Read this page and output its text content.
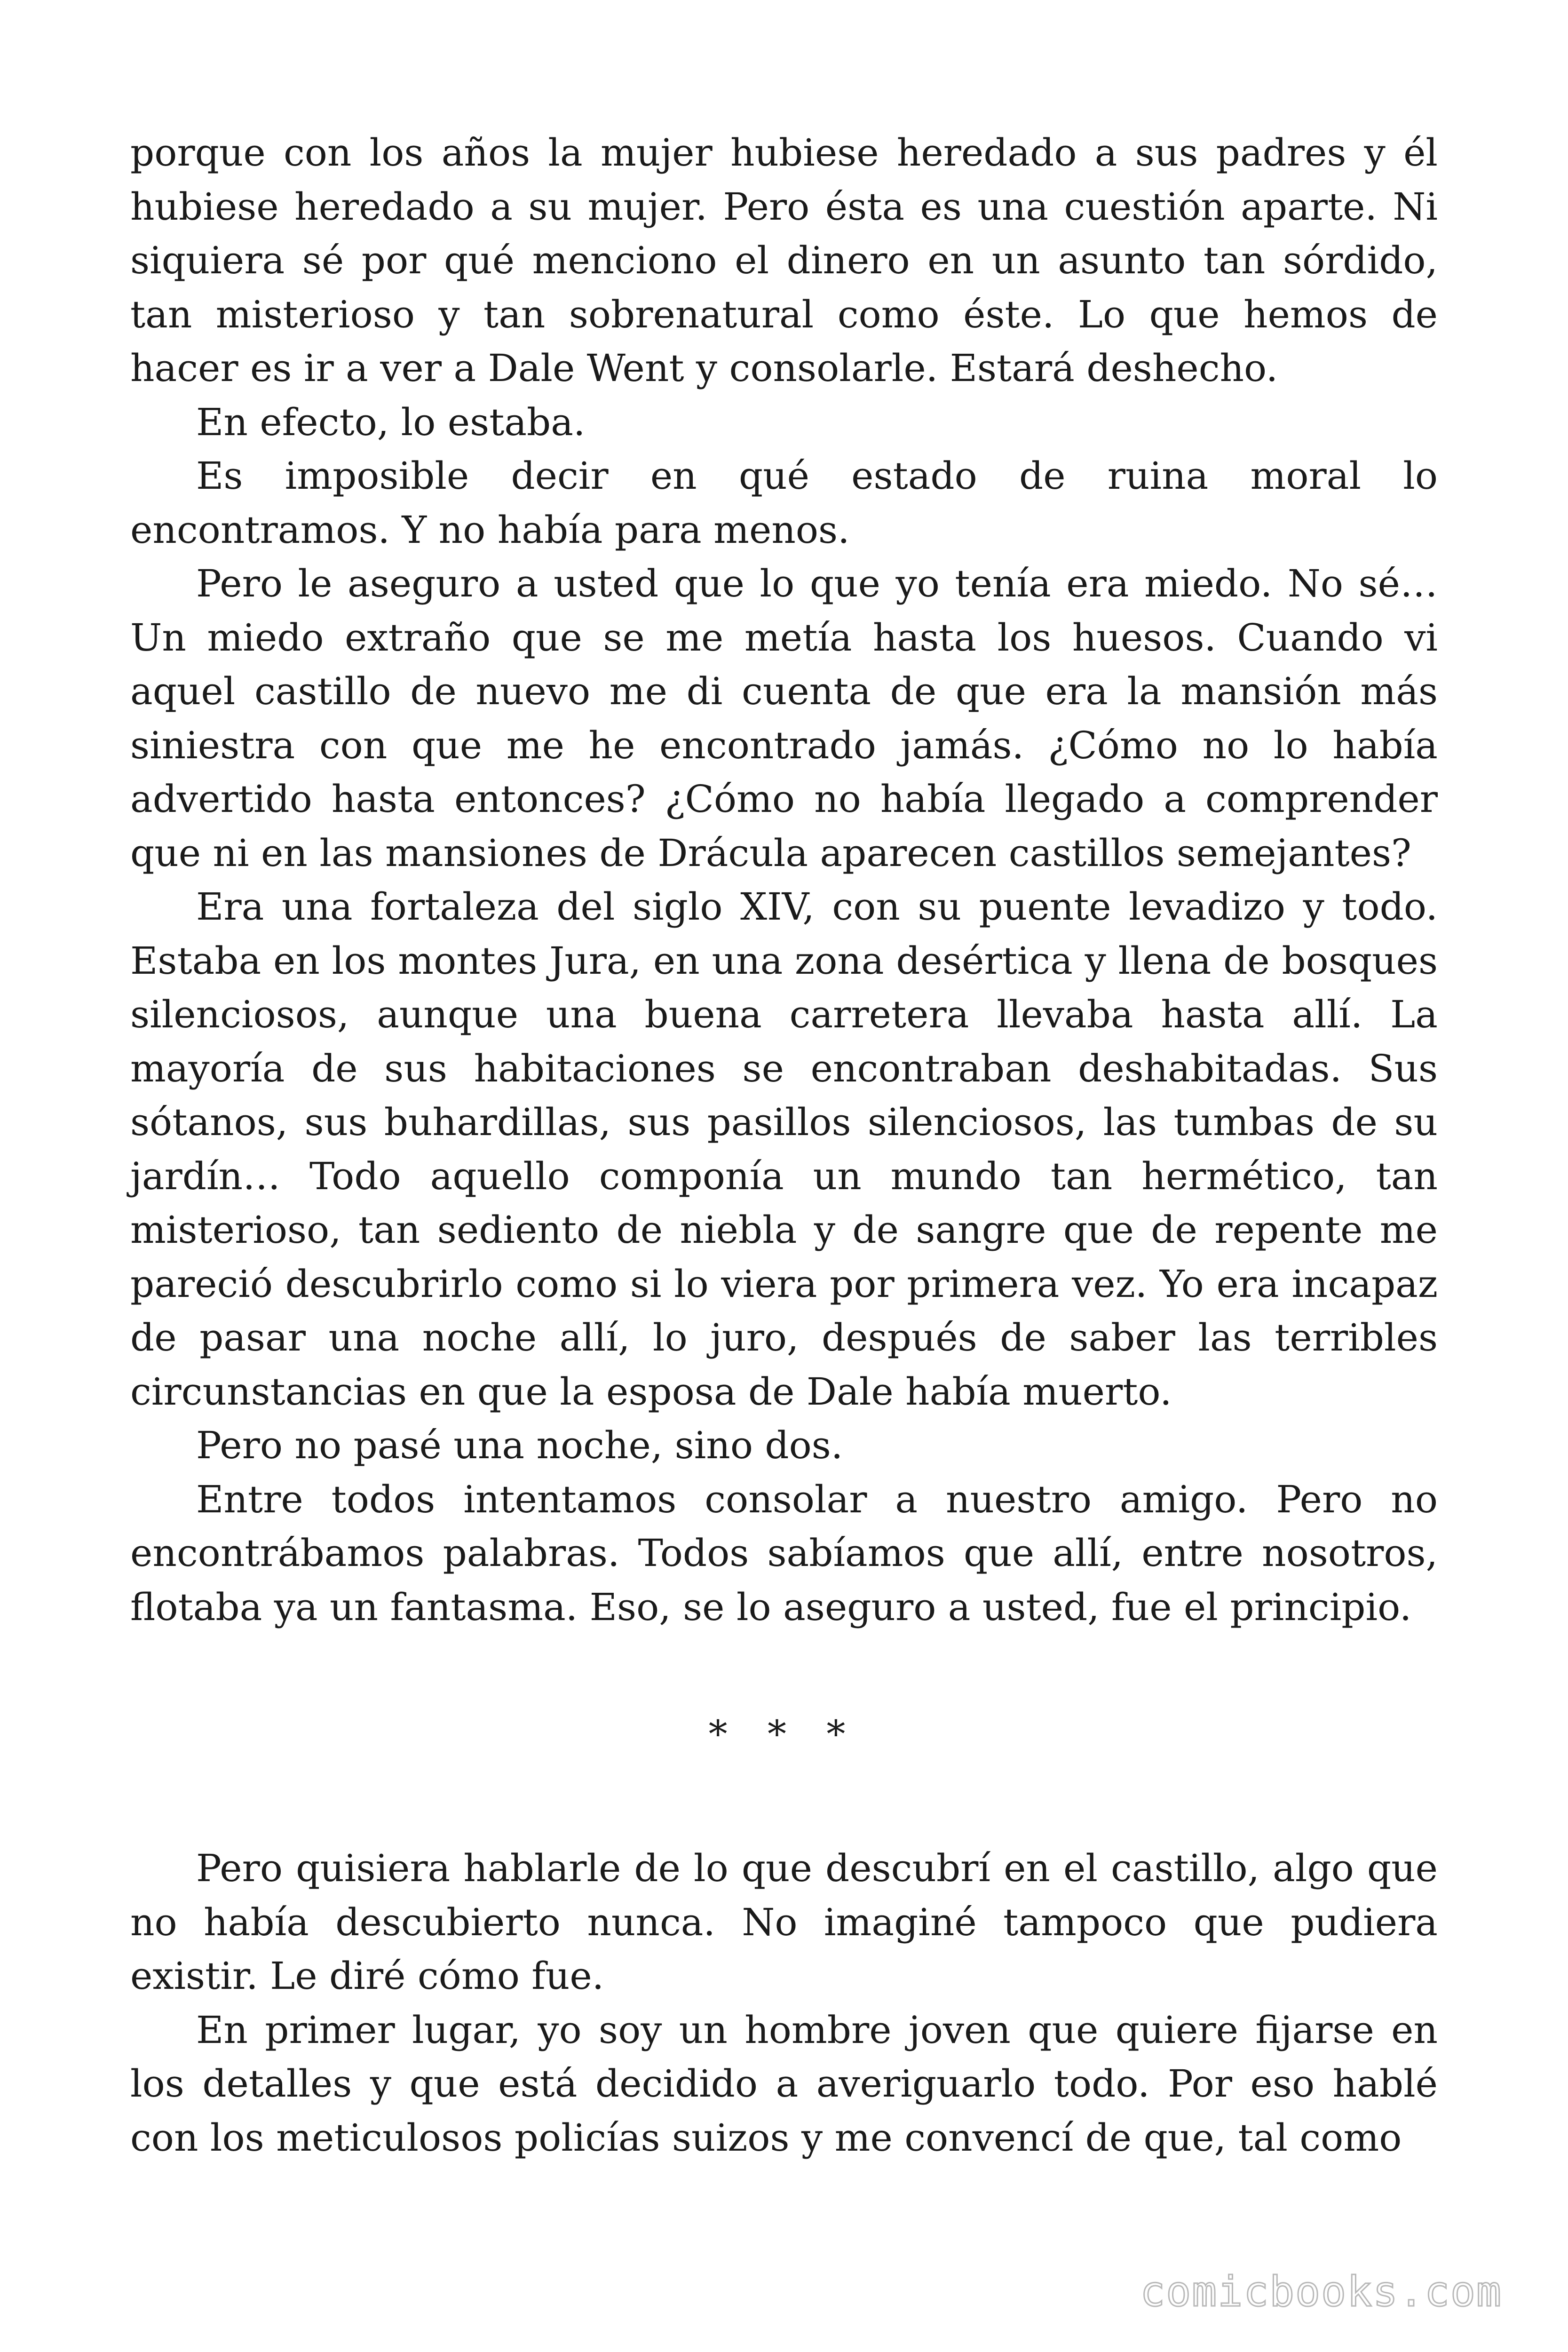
porque con los años la mujer hubiese heredado a sus padres y él hubiese heredado a su mujer. Pero ésta es una cuestión aparte. Ni siquiera sé por qué menciono el dinero en un asunto tan sórdido, tan misterioso y tan sobrenatural como éste. Lo que hemos de hacer es ir a ver a Dale Went y consolarle. Estará deshecho.

En efecto, lo estaba.

Es imposible decir en qué estado de ruina moral lo encontramos. Y no había para menos.

Pero le aseguro a usted que lo que yo tenía era miedo. No sé… Un miedo extraño que se me metía hasta los huesos. Cuando vi aquel castillo de nuevo me di cuenta de que era la mansión más siniestra con que me he encontrado jamás. ¿Cómo no lo había advertido hasta entonces? ¿Cómo no había llegado a comprender que ni en las mansiones de Drácula aparecen castillos semejantes?

Era una fortaleza del siglo XIV, con su puente levadizo y todo. Estaba en los montes Jura, en una zona desértica y llena de bosques silenciosos, aunque una buena carretera llevaba hasta allí. La mayoría de sus habitaciones se encontraban deshabitadas. Sus sótanos, sus buhardillas, sus pasillos silenciosos, las tumbas de su jardín… Todo aquello componía un mundo tan hermético, tan misterioso, tan sediento de niebla y de sangre que de repente me pareció descubrirlo como si lo viera por primera vez. Yo era incapaz de pasar una noche allí, lo juro, después de saber las terribles circunstancias en que la esposa de Dale había muerto.

Pero no pasé una noche, sino dos.

Entre todos intentamos consolar a nuestro amigo. Pero no encontrábamos palabras. Todos sabíamos que allí, entre nosotros, flotaba ya un fantasma. Eso, se lo aseguro a usted, fue el principio.

* * *

Pero quisiera hablarle de lo que descubrí en el castillo, algo que no había descubierto nunca. No imaginé tampoco que pudiera existir. Le diré cómo fue.

En primer lugar, yo soy un hombre joven que quiere fijarse en los detalles y que está decidido a averiguarlo todo. Por eso hablé con los meticulosos policías suizos y me convencí de que, tal como

comicbooks.com
